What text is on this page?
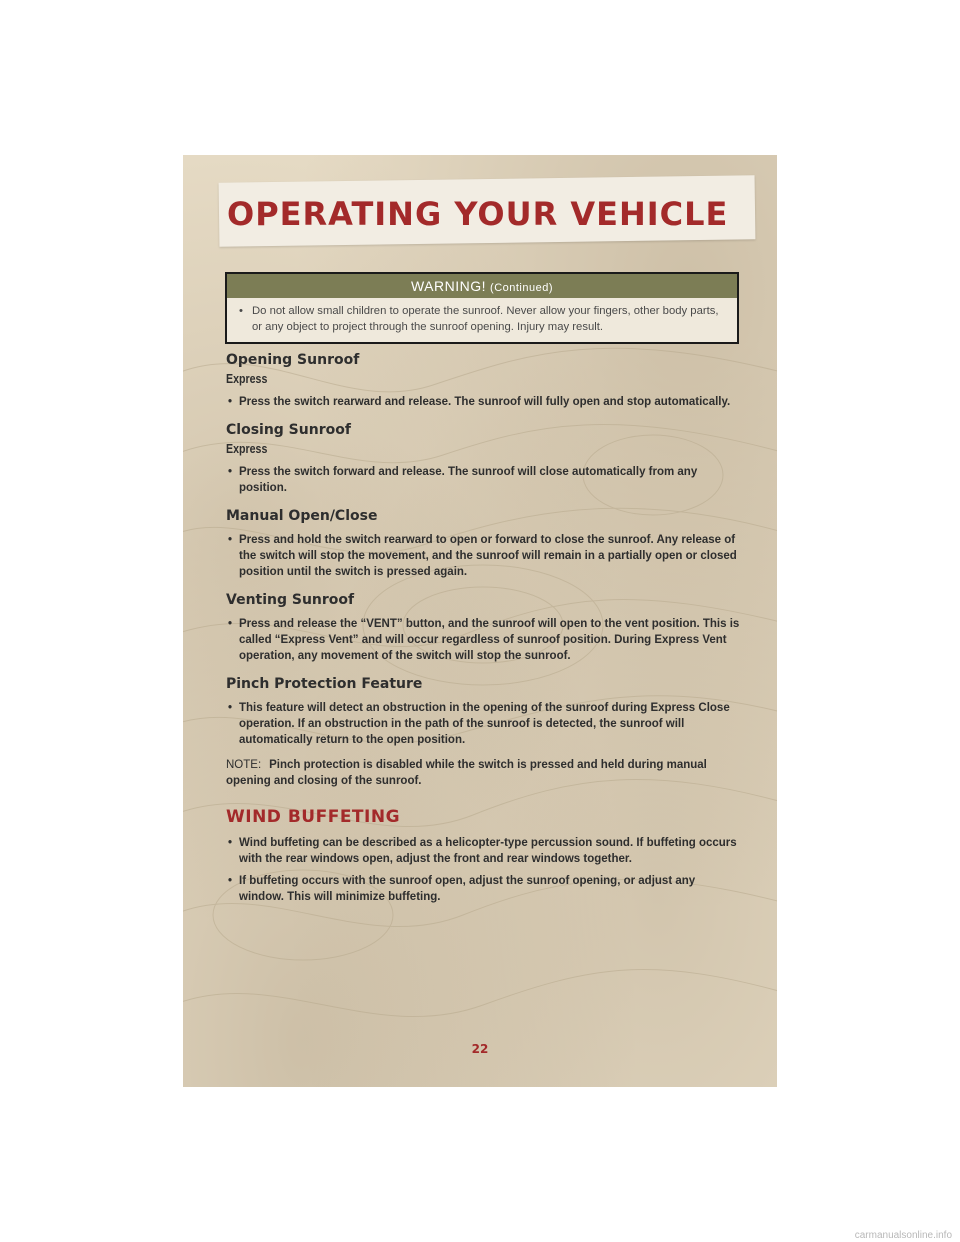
OPERATING YOUR VEHICLE
WARNING! (Continued)
• Do not allow small children to operate the sunroof. Never allow your fingers, other body parts, or any object to project through the sunroof opening. Injury may result.
Opening Sunroof
Express
• Press the switch rearward and release. The sunroof will fully open and stop automatically.
Closing Sunroof
Express
• Press the switch forward and release. The sunroof will close automatically from any position.
Manual Open/Close
• Press and hold the switch rearward to open or forward to close the sunroof. Any release of the switch will stop the movement, and the sunroof will remain in a partially open or closed position until the switch is pressed again.
Venting Sunroof
• Press and release the “VENT” button, and the sunroof will open to the vent position. This is called “Express Vent” and will occur regardless of sunroof position. During Express Vent operation, any movement of the switch will stop the sunroof.
Pinch Protection Feature
• This feature will detect an obstruction in the opening of the sunroof during Express Close operation. If an obstruction in the path of the sunroof is detected, the sunroof will automatically return to the open position.
NOTE: Pinch protection is disabled while the switch is pressed and held during manual opening and closing of the sunroof.
WIND BUFFETING
• Wind buffeting can be described as a helicopter-type percussion sound. If buffeting occurs with the rear windows open, adjust the front and rear windows together.
• If buffeting occurs with the sunroof open, adjust the sunroof opening, or adjust any window. This will minimize buffeting.
22
carmanualsonline.info
